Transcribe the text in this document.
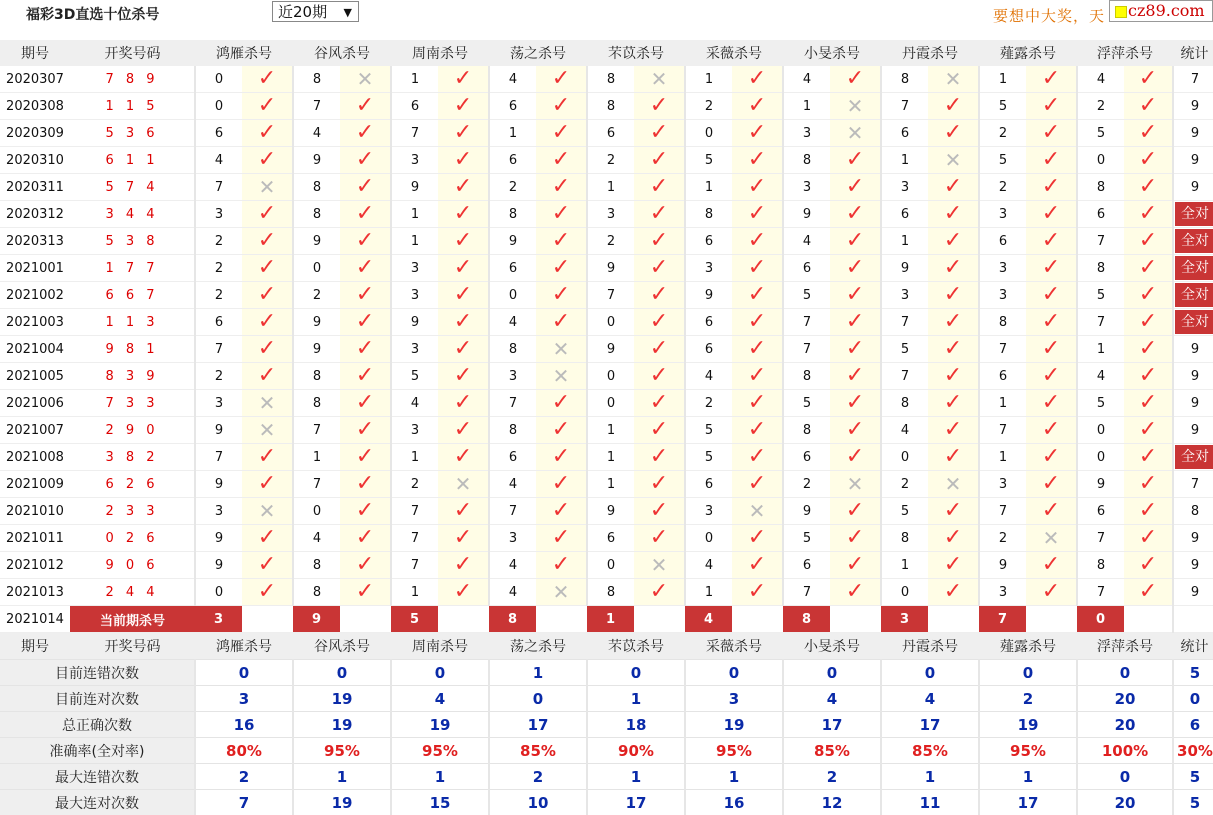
福彩3D直选十位杀号	近20期 ▼	要想中大奖，天 cz89.com
期号	开奖号码	鸿雁杀号		谷风杀号		周南杀号		荡之杀号		芣苡杀号		采薇杀号		小旻杀号		丹霞杀号		薤露杀号		浮萍杀号		统计
2020307	7 8 9	0	✓	8	✕	1	✓	4	✓	8	✕	1	✓	4	✓	8	✕	1	✓	4	✓	7
2020308	1 1 5	0	✓	7	✓	6	✓	6	✓	8	✓	2	✓	1	✕	7	✓	5	✓	2	✓	9
2020309	5 3 6	6	✓	4	✓	7	✓	1	✓	6	✓	0	✓	3	✕	6	✓	2	✓	5	✓	9
2020310	6 1 1	4	✓	9	✓	3	✓	6	✓	2	✓	5	✓	8	✓	1	✕	5	✓	0	✓	9
2020311	5 7 4	7	✕	8	✓	9	✓	2	✓	1	✓	1	✓	3	✓	3	✓	2	✓	8	✓	9
2020312	3 4 4	3	✓	8	✓	1	✓	8	✓	3	✓	8	✓	9	✓	6	✓	3	✓	6	✓	全对

2020313	5 3 8	2	✓	9	✓	1	✓	9	✓	2	✓	6	✓	4	✓	1	✓	6	✓	7	✓	全对

2021001	1 7 7	2	✓	0	✓	3	✓	6	✓	9	✓	3	✓	6	✓	9	✓	3	✓	8	✓	全对

2021002	6 6 7	2	✓	2	✓	3	✓	0	✓	7	✓	9	✓	5	✓	3	✓	3	✓	5	✓	全对

2021003	1 1 3	6	✓	9	✓	9	✓	4	✓	0	✓	6	✓	7	✓	7	✓	8	✓	7	✓	全对

2021004	9 8 1	7	✓	9	✓	3	✓	8	✕	9	✓	6	✓	7	✓	5	✓	7	✓	1	✓	9
2021005	8 3 9	2	✓	8	✓	5	✓	3	✕	0	✓	4	✓	8	✓	7	✓	6	✓	4	✓	9
2021006	7 3 3	3	✕	8	✓	4	✓	7	✓	0	✓	2	✓	5	✓	8	✓	1	✓	5	✓	9
2021007	2 9 0	9	✕	7	✓	3	✓	8	✓	1	✓	5	✓	8	✓	4	✓	7	✓	0	✓	9
2021008	3 8 2	7	✓	1	✓	1	✓	6	✓	1	✓	5	✓	6	✓	0	✓	1	✓	0	✓	全对

2021009	6 2 6	9	✓	7	✓	2	✕	4	✓	1	✓	6	✓	2	✕	2	✕	3	✓	9	✓	7
2021010	2 3 3	3	✕	0	✓	7	✓	7	✓	9	✓	3	✕	9	✓	5	✓	7	✓	6	✓	8
2021011	0 2 6	9	✓	4	✓	7	✓	3	✓	6	✓	0	✓	5	✓	8	✓	2	✕	7	✓	9
2021012	9 0 6	9	✓	8	✓	7	✓	4	✓	0	✕	4	✓	6	✓	1	✓	9	✓	8	✓	9
2021013	2 4 4	0	✓	8	✓	1	✓	4	✕	8	✓	1	✓	7	✓	0	✓	3	✓	7	✓	9
2021014	当前期杀号	3		9		5		8		1		4		8		3		7		0		
期号	开奖号码	鸿雁杀号		谷风杀号		周南杀号		荡之杀号		芣苡杀号		采薇杀号		小旻杀号		丹霞杀号		薤露杀号		浮萍杀号		统计
目前连错次数		0		0		0		1		0		0		0		0		0		0		5
目前连对次数		3		19		4		0		1		3		4		4		2		20		0
总正确次数		16		19		19		17		18		19		17		17		19		20		6
准确率(全对率)		80%		95%		95%		85%		90%		95%		85%		85%		95%		100%		30%
最大连错次数		2		1		1		2		1		1		2		1		1		0		5
最大连对次数		7		19		15		10		17		16		12		11		17		20		5
